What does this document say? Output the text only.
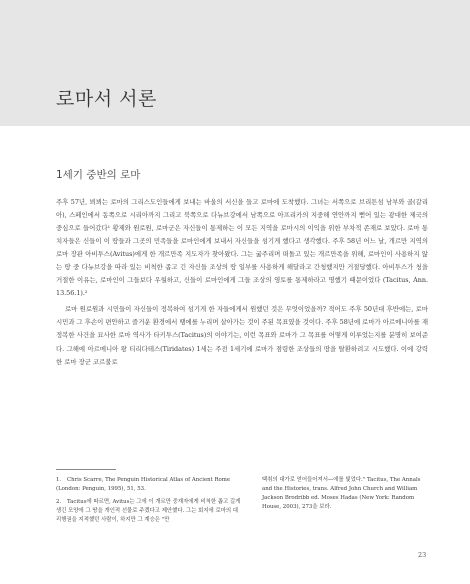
로마서 서론
1세기 중반의 로마

주후 57년, 뵈뵈는 로마의 그리스도인들에게 보내는 바울의 서신을 들고 로마에 도착했다. 그녀는 서쪽으로 브리튼섬 남부와 골(갈리아), 스페인에서 동쪽으로 시리아까지 그리고 북쪽으로 다뉴브강에서 남쪽으로 아프리카의 지중해 연안까지 뻗어 있는 광대한 제국의 중심으로 들어갔다¹ 황제와 원로원, 로마군은 자신들이 통제하는 이 모든 지역을 로마시의 이익을 위한 부차적 존재로 보았다. 로마 통치자들은 신들이 이 땅들과 그곳의 민족들을 로마인에게 보내서 자신들을 섬기게 했다고 생각했다. 주후 58년 어느 날, 개르만 지역의 로마 장관 아비투스(Avitus)에게 한 개르만족 지도자가 찾아왔다. 그는 굶주리며 떠돌고 있는 개르만족을 위해, 로마인이 사용하지 않는 땅 중 다뉴브강을 따라 있는 비척한 좁고 긴 자신들 조상의 땅 일부를 사용하게 해달라고 간청했지만 거절당했다. 아비투스가 청을 거절한 이유는, 로마인이 그들보다 우월하고, 신들이 로마인에게 그들 조상의 영토를 통제하라고 명했기 때문이었다 (Tacitus, Ann. 13.56.1).²

로마 원로원과 시민들이 자신들이 정복하여 섬기게 한 자들에게서 원했던 것은 무엇이었을까? 적어도 주후 50년대 후반에는, 로마 시민과 그 후손이 편안하고 즐거운 환경에서 땡에를 누리며 살아가는 것이 주된 목표였을 것이다. 주후 58년에 로마가 아르메니아를 재정복한 사건을 묘사한 로마 역사가 타키투스(Tacitus)의 이야기는, 이런 목표와 로마가 그 목표를 어떻게 이루었는지를 분명히 보여준다. 그해에 아르메니아 왕 티리다테스(Tiridates) 1세는 주전 1세기에 로마가 점령한 조상들의 땅을 탈환하려고 시도했다. 이에 강력한 로마 장군 코르불로

1. Chris Scarre, The Penguin Historical Atlas of Ancient Rome (London: Penguin, 1995), 51, 53.

2. Tacitus에 따르면, Avitus는 그에 이 개르만 중재자에게 비척한 좁고 길게 생긴 모양에 그 땅을 개인적 선물로 주겠다고 제안했다. 그는 회지에 로마의 대리행권을 지적했던 사람이, 하지만 그 계승은 "만

땍취의 대가로 얻어들어져서―에를 빛었다." Tacitus, The Annals and the Histories, trans. Alfred John Church and William Jackson Brodribb ed. Moses Hadas (New York: Random House, 2003), 273을 보라.

23
